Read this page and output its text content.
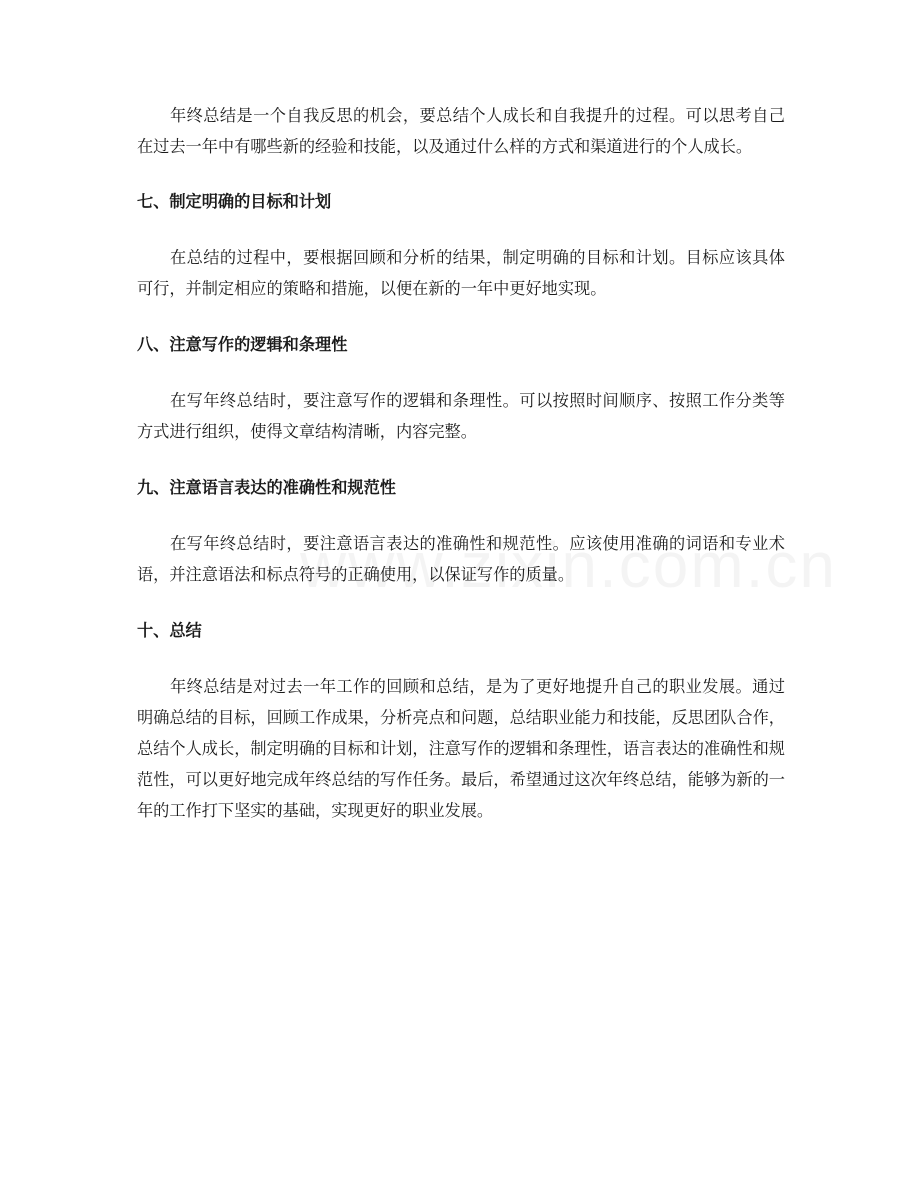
年终总结是一个自我反思的机会，要总结个人成长和自我提升的过程。可以思考自己在过去一年中有哪些新的经验和技能，以及通过什么样的方式和渠道进行的个人成长。

七、制定明确的目标和计划

在总结的过程中，要根据回顾和分析的结果，制定明确的目标和计划。目标应该具体可行，并制定相应的策略和措施，以便在新的一年中更好地实现。

八、注意写作的逻辑和条理性

在写年终总结时，要注意写作的逻辑和条理性。可以按照时间顺序、按照工作分类等方式进行组织，使得文章结构清晰，内容完整。

九、注意语言表达的准确性和规范性

在写年终总结时，要注意语言表达的准确性和规范性。应该使用准确的词语和专业术语，并注意语法和标点符号的正确使用，以保证写作的质量。

十、总结

年终总结是对过去一年工作的回顾和总结，是为了更好地提升自己的职业发展。通过明确总结的目标，回顾工作成果，分析亮点和问题，总结职业能力和技能，反思团队合作，总结个人成长，制定明确的目标和计划，注意写作的逻辑和条理性，语言表达的准确性和规范性，可以更好地完成年终总结的写作任务。最后，希望通过这次年终总结，能够为新的一年的工作打下坚实的基础，实现更好的职业发展。
